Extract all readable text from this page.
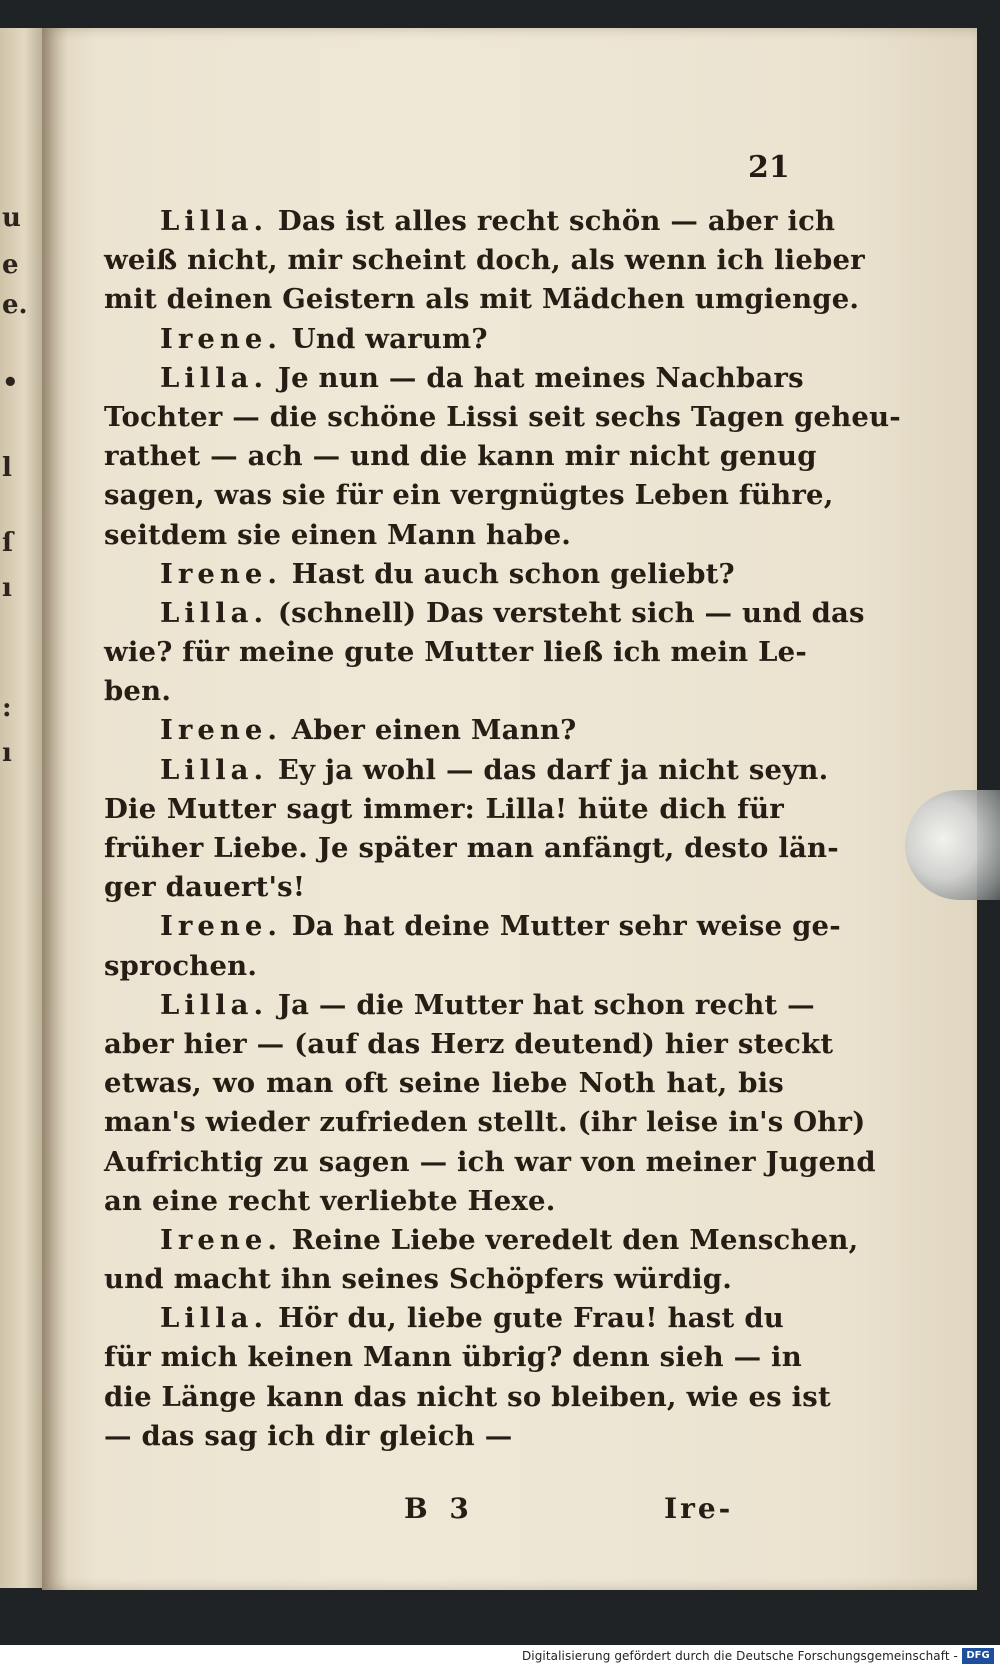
u
e
e.
•
l
ſ
ı
:
ı
21
Lilla. Das ist alles recht schön — aber ich
weiß nicht, mir scheint doch, als wenn ich lieber
mit deinen Geistern als mit Mädchen umgienge.
Irene. Und warum?
Lilla. Je nun — da hat meines Nachbars
Tochter — die schöne Lissi seit sechs Tagen geheu-
rathet — ach — und die kann mir nicht genug
sagen, was sie für ein vergnügtes Leben führe,
seitdem sie einen Mann habe.
Irene. Hast du auch schon geliebt?
Lilla. (schnell) Das versteht sich — und das
wie? für meine gute Mutter ließ ich mein Le-
ben.
Irene. Aber einen Mann?
Lilla. Ey ja wohl — das darf ja nicht seyn.
Die Mutter sagt immer: Lilla! hüte dich für
früher Liebe. Je später man anfängt, desto län-
ger dauert's!
Irene. Da hat deine Mutter sehr weise ge-
sprochen.
Lilla. Ja — die Mutter hat schon recht —
aber hier — (auf das Herz deutend) hier steckt
etwas, wo man oft seine liebe Noth hat, bis
man's wieder zufrieden stellt. (ihr leise in's Ohr)
Aufrichtig zu sagen — ich war von meiner Jugend
an eine recht verliebte Hexe.
Irene. Reine Liebe veredelt den Menschen,
und macht ihn seines Schöpfers würdig.
Lilla. Hör du, liebe gute Frau! hast du
für mich keinen Mann übrig? denn sieh — in
die Länge kann das nicht so bleiben, wie es ist
— das sag ich dir gleich —
B 3	Ire-
Digitalisierung gefördert durch die Deutsche Forschungsgemeinschaft - DFG
